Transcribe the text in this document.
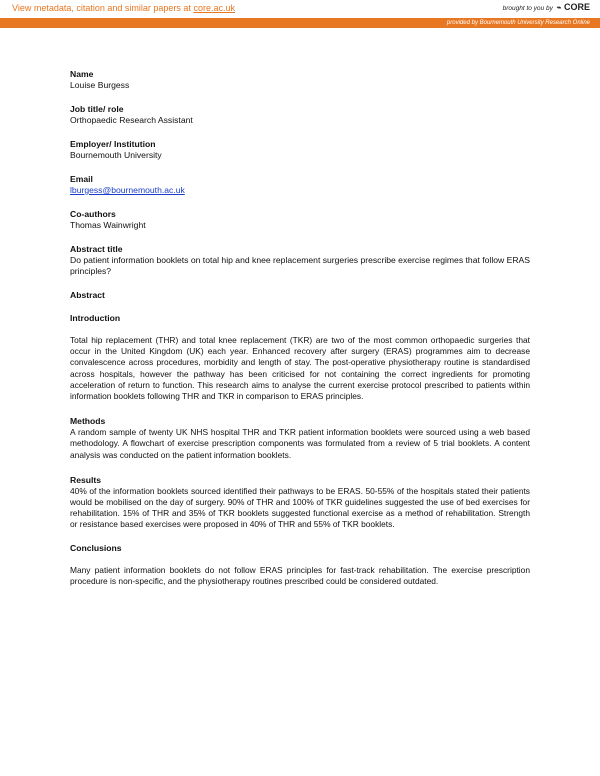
View metadata, citation and similar papers at core.ac.uk	brought to you by ⌁ CORE
provided by Bournemouth University Research Online

Name

Louise Burgess

Job title/ role

Orthopaedic Research Assistant

Employer/ Institution

Bournemouth University

Email

lburgess@bournemouth.ac.uk

Co-authors

Thomas Wainwright

Abstract title

Do patient information booklets on total hip and knee replacement surgeries prescribe exercise regimes that follow ERAS principles?

Abstract

Introduction

Total hip replacement (THR) and total knee replacement (TKR) are two of the most common orthopaedic surgeries that occur in the United Kingdom (UK) each year. Enhanced recovery after surgery (ERAS) programmes aim to decrease convalescence across procedures, morbidity and length of stay. The post-operative physiotherapy routine is standardised across hospitals, however the pathway has been criticised for not containing the correct ingredients for promoting acceleration of return to function. This research aims to analyse the current exercise protocol prescribed to patients within information booklets following THR and TKR in comparison to ERAS principles.

Methods

A random sample of twenty UK NHS hospital THR and TKR patient information booklets were sourced using a web based methodology. A flowchart of exercise prescription components was formulated from a review of 5 trial booklets. A content analysis was conducted on the patient information booklets.

Results

40% of the information booklets sourced identified their pathways to be ERAS. 50-55% of the hospitals stated their patients would be mobilised on the day of surgery. 90% of THR and 100% of TKR guidelines suggested the use of bed exercises for rehabilitation. 15% of THR and 35% of TKR booklets suggested functional exercise as a method of rehabilitation. Strength or resistance based exercises were proposed in 40% of THR and 55% of TKR booklets.

Conclusions

Many patient information booklets do not follow ERAS principles for fast-track rehabilitation. The exercise prescription procedure is non-specific, and the physiotherapy routines prescribed could be considered outdated.
